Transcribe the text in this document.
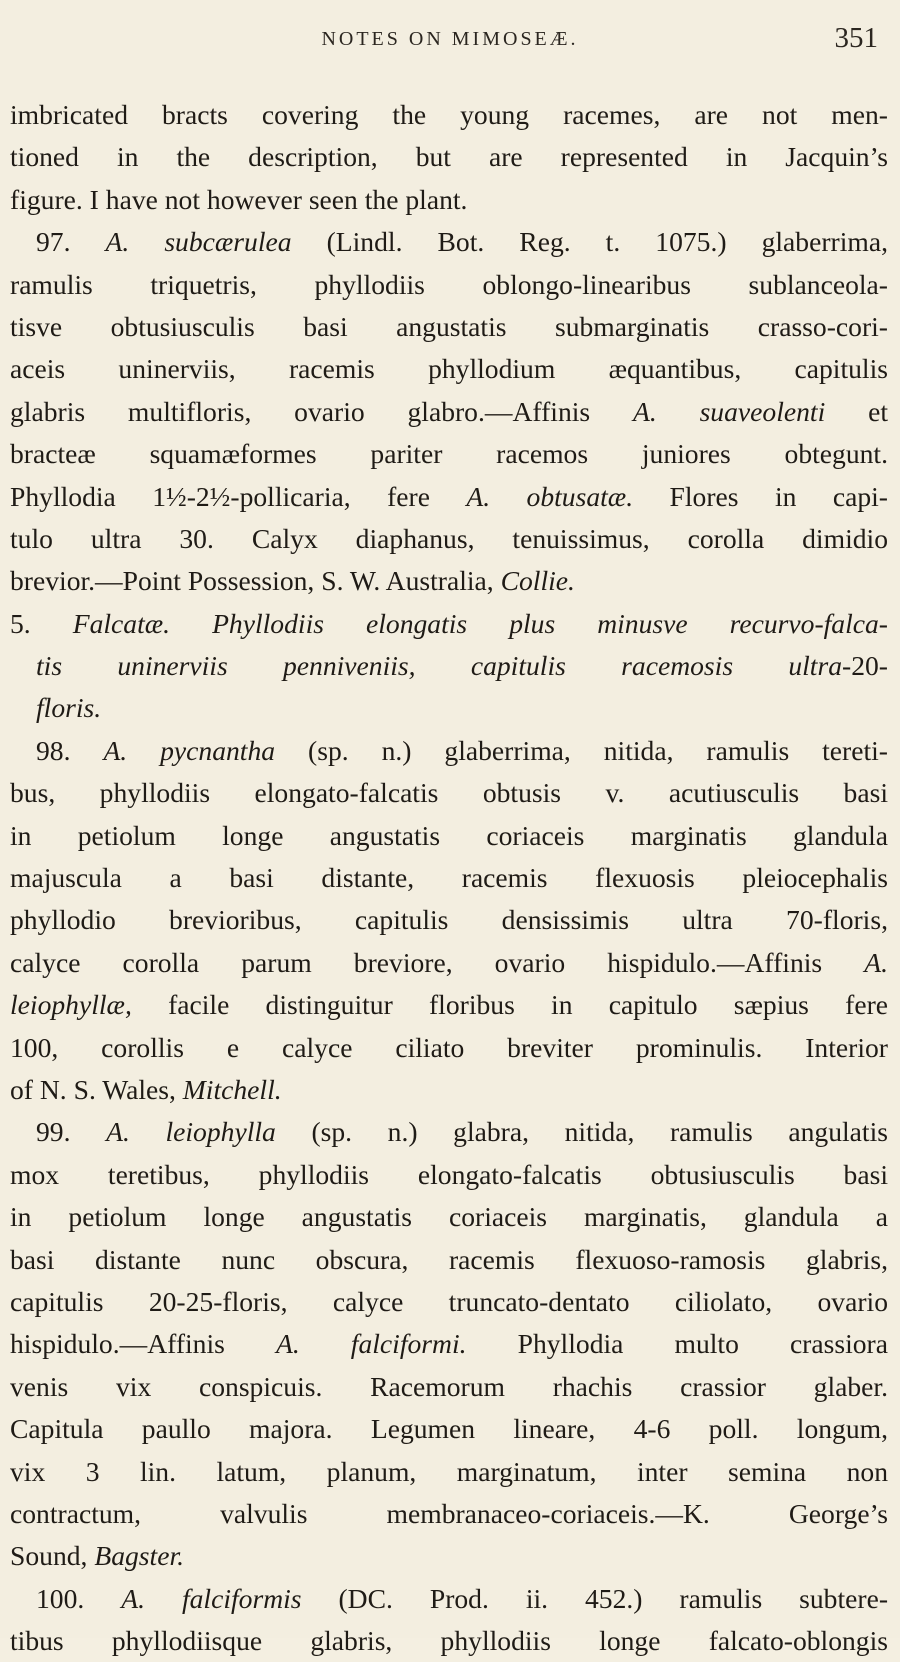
NOTES ON MIMOSEÆ.	351
imbricated bracts covering the young racemes, are not men-
tioned in the description, but are represented in Jacquin’s
figure. I have not however seen the plant.
97. A. subcærulea (Lindl. Bot. Reg. t. 1075.) glaberrima,
ramulis triquetris, phyllodiis oblongo-linearibus sublanceola-
tisve obtusiusculis basi angustatis submarginatis crasso-cori-
aceis uninerviis, racemis phyllodium æquantibus, capitulis
glabris multifloris, ovario glabro.—Affinis A. suaveolenti et
bracteæ squamæformes pariter racemos juniores obtegunt.
Phyllodia 1½-2½-pollicaria, fere A. obtusatæ. Flores in capi-
tulo ultra 30. Calyx diaphanus, tenuissimus, corolla dimidio
brevior.—Point Possession, S. W. Australia, Collie.
5. Falcatæ. Phyllodiis elongatis plus minusve recurvo-falca-
tis uninerviis penniveniis, capitulis racemosis ultra-20-
floris.
98. A. pycnantha (sp. n.) glaberrima, nitida, ramulis tereti-
bus, phyllodiis elongato-falcatis obtusis v. acutiusculis basi
in petiolum longe angustatis coriaceis marginatis glandula
majuscula a basi distante, racemis flexuosis pleiocephalis
phyllodio brevioribus, capitulis densissimis ultra 70-floris,
calyce corolla parum breviore, ovario hispidulo.—Affinis A.
leiophyllæ, facile distinguitur floribus in capitulo sæpius fere
100, corollis e calyce ciliato breviter prominulis. Interior
of N. S. Wales, Mitchell.
99. A. leiophylla (sp. n.) glabra, nitida, ramulis angulatis
mox teretibus, phyllodiis elongato-falcatis obtusiusculis basi
in petiolum longe angustatis coriaceis marginatis, glandula a
basi distante nunc obscura, racemis flexuoso-ramosis glabris,
capitulis 20-25-floris, calyce truncato-dentato ciliolato, ovario
hispidulo.—Affinis A. falciformi. Phyllodia multo crassiora
venis vix conspicuis. Racemorum rhachis crassior glaber.
Capitula paullo majora. Legumen lineare, 4-6 poll. longum,
vix 3 lin. latum, planum, marginatum, inter semina non
contractum, valvulis membranaceo-coriaceis.—K. George’s
Sound, Bagster.
100. A. falciformis (DC. Prod. ii. 452.) ramulis subtere-
tibus phyllodiisque glabris, phyllodiis longe falcato-oblongis
